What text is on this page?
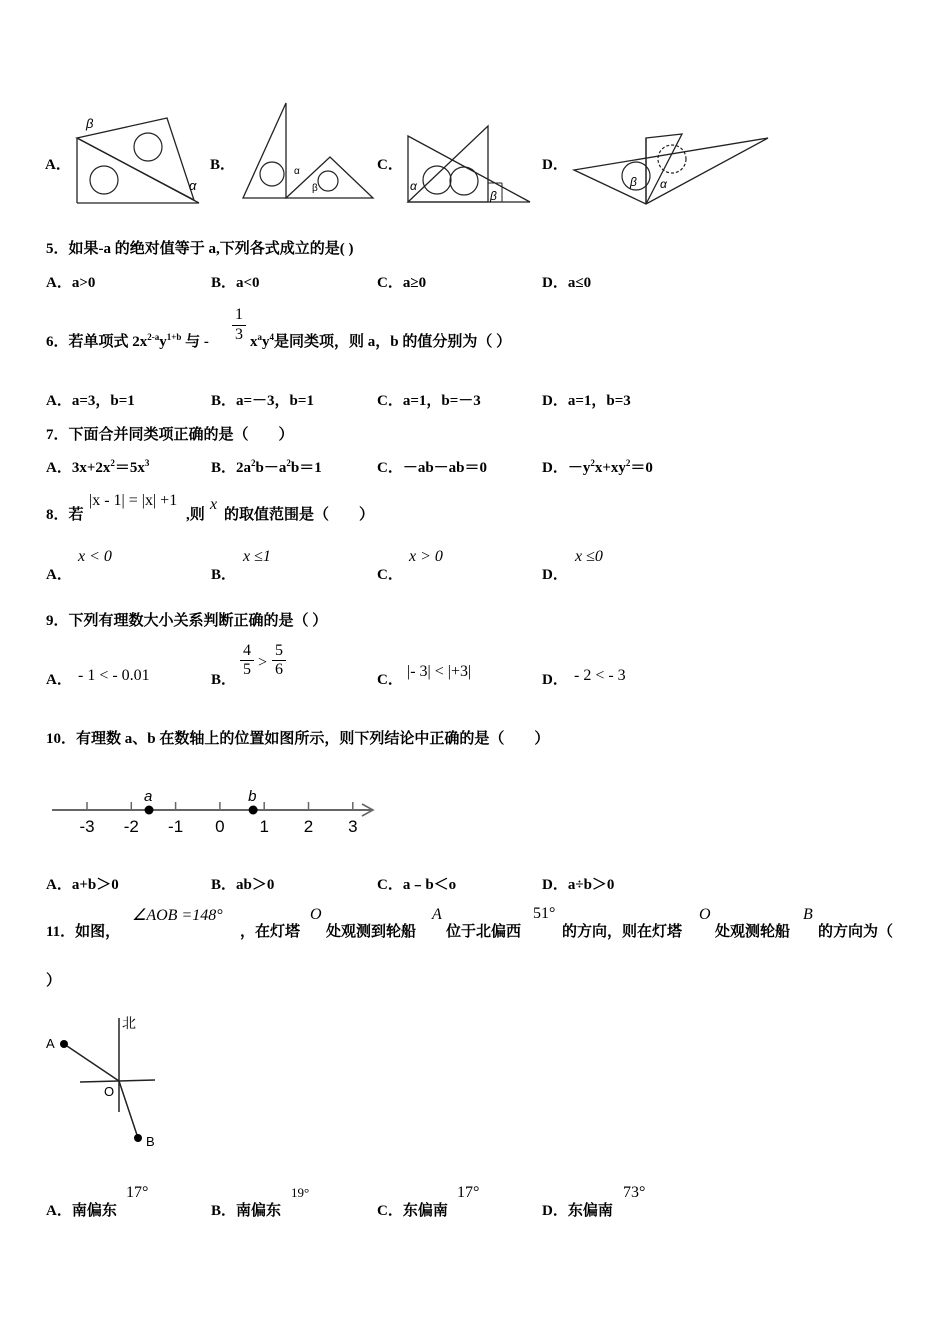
A．
β
α
B．	α
β
C．
α
β
D．
β α
5．如果-a 的绝对值等于 a,下列各式成立的是( )
A．a>0	B．a<0	C．a≥0	D．a≤0
6．若单项式 $2x^{2-a}y^{1+b}$ 与 -
1
3 $x^ay^4$是同类项，则 a，b 的值分别为（ ）
A．a=3，b=1	B．a=－3，b=1	C．a=1，b=－3	D．a=1，b=3
7．下面合并同类项正确的是（　　）
A．$3x+2x^2=5x^3$	B．$2a^2b-a^2b=1$	C．－ab－ab＝0	D．$-y^2x+xy^2=0$
8．若
|x - 1| = |x| +1
,则
x
的取值范围是（　　）
A．
x < 0
B．
x ≤1
C．
x > 0
D．
x ≤0
9．下列有理数大小关系判断正确的是（ ）
A． - 1 < - 0.01	B．
4
5 >
5
6
C． |- 3| < |+3|	D． - 2 < - 3
10．有理数 a、b 在数轴上的位置如图所示，则下列结论中正确的是（　　）
-3 -2 -1 0 1 2 3
a	b
A．a+b＞0	B．ab＞0	C．a﹣b＜o	D．a÷b＞0
11．如图，
∠AOB =148°
，在灯塔
O
处观测到轮船
A
位于北偏西
51°
的方向，则在灯塔
O
处观测轮船
B
的方向为（
）
北
A
O
B
A．南偏东
17°
B．南偏东
19°
C．东偏南
17°
D．东偏南
73°
